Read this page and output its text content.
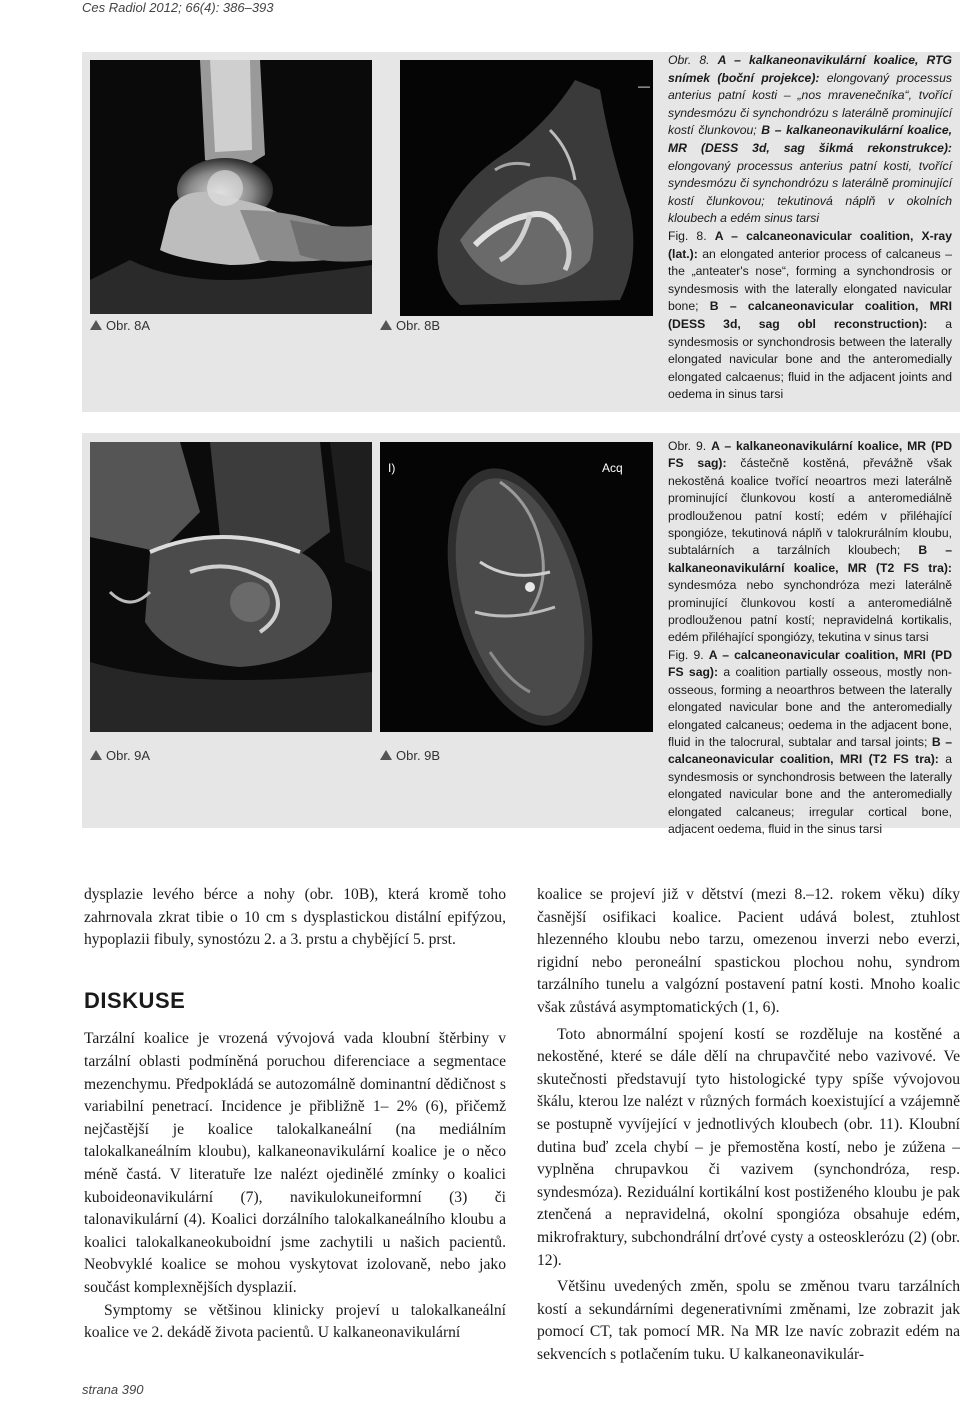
Ces Radiol 2012; 66(4): 386–393
—
Obr. 8A	Obr. 8B

Obr. 8. A – kalkaneonavikulární koalice, RTG snímek (boční projekce): elongovaný processus anterius patní kosti – „nos mravenečníka“, tvořící syndesmózu či synchondrózu s laterálně prominující kostí člunkovou; B – kalkaneonavikulární koalice, MR (DESS 3d, sag šikmá rekonstrukce): elongovaný processus anterius patní kosti, tvořící syndesmózu či synchondrózu s laterálně prominující kostí člunkovou; tekutinová náplň v okolních kloubech a edém sinus tarsi

Fig. 8. A – calcaneonavicular coalition, X-ray (lat.): an elongated anterior process of calcaneus – the „anteater's nose“, forming a synchondrosis or syndesmosis with the laterally elongated navicular bone; B – calcaneonavicular coalition, MRI (DESS 3d, sag obl reconstruction): a syndesmosis or synchondrosis between the laterally elongated navicular bone and the anteromedially elongated calcaenus; fluid in the adjacent joints and oedema in sinus tarsi

I)	Acq
Obr. 9A	Obr. 9B

Obr. 9. A – kalkaneonavikulární koalice, MR (PD FS sag): částečně kostěná, převážně však nekostěná koalice tvořící neoartros mezi laterálně prominující člunkovou kostí a anteromediálně prodlouženou patní kostí; edém v přiléhající spongióze, tekutinová náplň v talokrurálním kloubu, subtalárních a tarzálních kloubech; B – kalkaneonavikulární koalice, MR (T2 FS tra): syndesmóza nebo synchondróza mezi laterálně prominující člunkovou kostí a anteromediálně prodlouženou patní kostí; nepravidelná kortikalis, edém přiléhající spongiózy, tekutina v sinus tarsi

Fig. 9. A – calcaneonavicular coalition, MRI (PD FS sag): a coalition partially osseous, mostly non-osseous, forming a neoarthros between the laterally elongated navicular bone and the anteromedially elongated calcaneus; oedema in the adjacent bone, fluid in the talocrural, subtalar and tarsal joints; B – calcaneonavicular coalition, MRI (T2 FS tra): a syndesmosis or synchondrosis between the laterally elongated navicular bone and the anteromedially elongated calcaneus; irregular cortical bone, adjacent oedema, fluid in the sinus tarsi

dysplazie levého bérce a nohy (obr. 10B), která kromě toho zahrnovala zkrat tibie o 10 cm s dysplastickou distální epifýzou, hypoplazii fibuly, synostózu 2. a 3. prstu a chybějící 5. prst.

DISKUSE

Tarzální koalice je vrozená vývojová vada kloubní štěrbiny v tarzální oblasti podmíněná poruchou diferenciace a segmentace mezenchymu. Předpokládá se autozomálně dominantní dědičnost s variabilní penetrací. Incidence je přibližně 1– 2% (6), přičemž nejčastější je koalice talokalkaneální (na mediálním talokalkaneálním kloubu), kalkaneonavikulární koalice je o něco méně častá. V literatuře lze nalézt ojedinělé zmínky o koalici kuboideonavikulární (7), navikulokuneiformní (3) či talonavikulární (4). Koalici dorzálního talokalkaneálního kloubu a koalici talokalkaneokuboidní jsme zachytili u našich pacientů. Neobvyklé koalice se mohou vyskytovat izolovaně, nebo jako součást komplexnějších dysplazií.

Symptomy se většinou klinicky projeví u talokalkaneální koalice ve 2. dekádě života pacientů. U kalkaneonavikulární

koalice se projeví již v dětství (mezi 8.–12. rokem věku) díky časnější osifikaci koalice. Pacient udává bolest, ztuhlost hlezenného kloubu nebo tarzu, omezenou inverzi nebo everzi, rigidní nebo peroneální spastickou plochou nohu, syndrom tarzálního tunelu a valgózní postavení patní kosti. Mnoho koalic však zůstává asymptomatických (1, 6).

Toto abnormální spojení kostí se rozděluje na kostěné a nekostěné, které se dále dělí na chrupavčité nebo vazivové. Ve skutečnosti představují tyto histologické typy spíše vývojovou škálu, kterou lze nalézt v různých formách koexistující a vzájemně se postupně vyvíjející v jednotlivých kloubech (obr. 11). Kloubní dutina buď zcela chybí – je přemostěna kostí, nebo je zúžena – vyplněna chrupavkou či vazivem (synchondróza, resp. syndesmóza). Reziduální kortikální kost postiženého kloubu je pak ztenčená a nepravidelná, okolní spongióza obsahuje edém, mikrofraktury, subchondrální drťové cysty a osteosklerózu (2) (obr. 12).

Většinu uvedených změn, spolu se změnou tvaru tarzálních kostí a sekundárními degenerativními změnami, lze zobrazit jak pomocí CT, tak pomocí MR. Na MR lze navíc zobrazit edém na sekvencích s potlačením tuku. U kalkaneonavikulár-

strana 390
